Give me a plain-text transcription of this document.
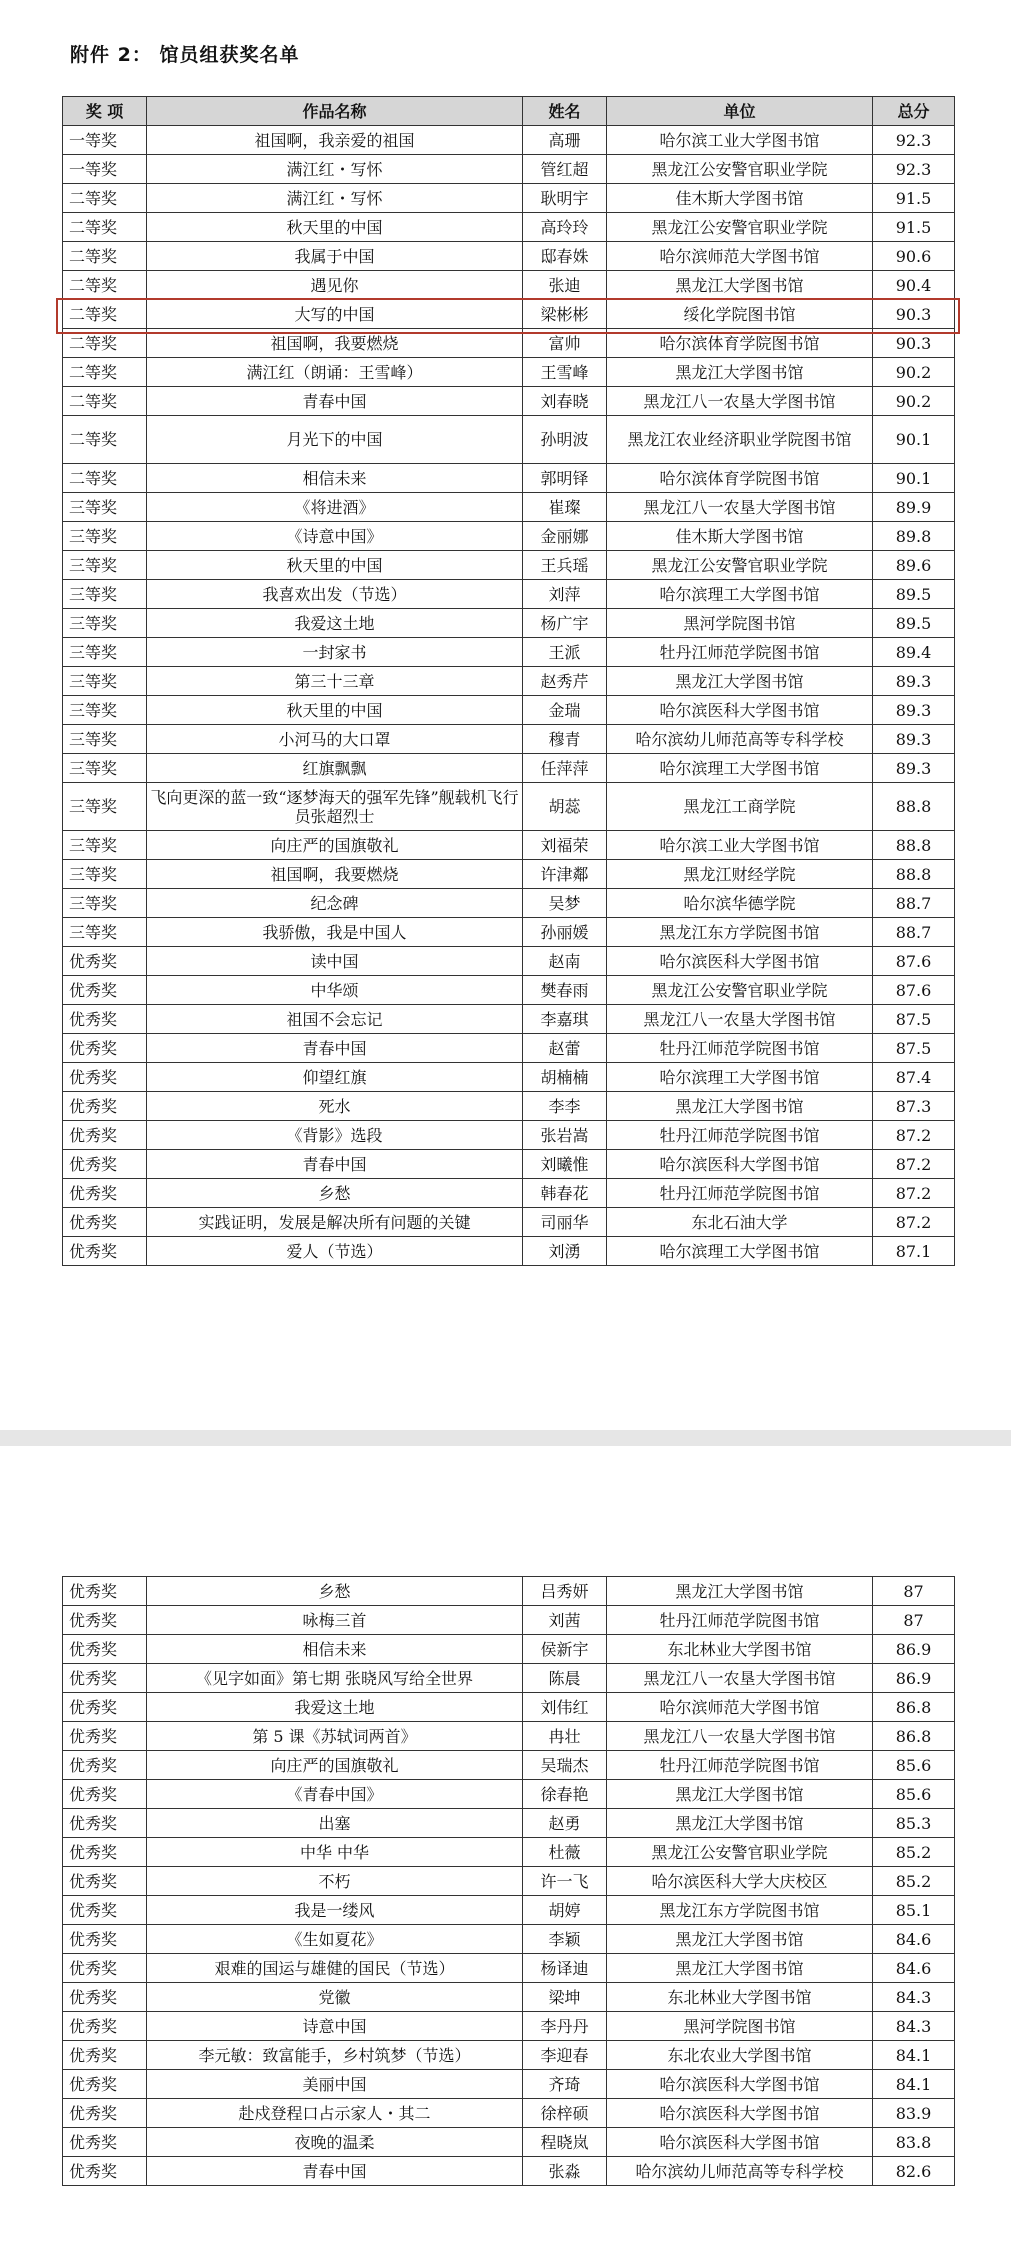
附件 2： 馆员组获奖名单
奖 项	作品名称	姓名	单位	总分
一等奖	祖国啊，我亲爱的祖国	高珊	哈尔滨工业大学图书馆	92.3
一等奖	满江红・写怀	管红超	黑龙江公安警官职业学院	92.3
二等奖	满江红・写怀	耿明宇	佳木斯大学图书馆	91.5
二等奖	秋天里的中国	高玲玲	黑龙江公安警官职业学院	91.5
二等奖	我属于中国	邸春姝	哈尔滨师范大学图书馆	90.6
二等奖	遇见你	张迪	黑龙江大学图书馆	90.4
二等奖	大写的中国	梁彬彬	绥化学院图书馆	90.3
二等奖	祖国啊，我要燃烧	富帅	哈尔滨体育学院图书馆	90.3
二等奖	满江红（朗诵：王雪峰）	王雪峰	黑龙江大学图书馆	90.2
二等奖	青春中国	刘春晓	黑龙江八一农垦大学图书馆	90.2
二等奖	月光下的中国	孙明波	黑龙江农业经济职业学院图书馆	90.1
二等奖	相信未来	郭明铎	哈尔滨体育学院图书馆	90.1
三等奖	《将进酒》	崔璨	黑龙江八一农垦大学图书馆	89.9
三等奖	《诗意中国》	金丽娜	佳木斯大学图书馆	89.8
三等奖	秋天里的中国	王兵瑶	黑龙江公安警官职业学院	89.6
三等奖	我喜欢出发（节选）	刘萍	哈尔滨理工大学图书馆	89.5
三等奖	我爱这土地	杨广宇	黑河学院图书馆	89.5
三等奖	一封家书	王派	牡丹江师范学院图书馆	89.4
三等奖	第三十三章	赵秀芹	黑龙江大学图书馆	89.3
三等奖	秋天里的中国	金瑞	哈尔滨医科大学图书馆	89.3
三等奖	小河马的大口罩	穆青	哈尔滨幼儿师范高等专科学校	89.3
三等奖	红旗飘飘	任萍萍	哈尔滨理工大学图书馆	89.3
三等奖	飞向更深的蓝一致“逐梦海天的强军先锋”舰载机飞行员张超烈士	胡蕊	黑龙江工商学院	88.8
三等奖	向庄严的国旗敬礼	刘福荣	哈尔滨工业大学图书馆	88.8
三等奖	祖国啊，我要燃烧	许津鄰	黑龙江财经学院	88.8
三等奖	纪念碑	吴梦	哈尔滨华德学院	88.7
三等奖	我骄傲，我是中国人	孙丽媛	黑龙江东方学院图书馆	88.7
优秀奖	读中国	赵南	哈尔滨医科大学图书馆	87.6
优秀奖	中华颂	樊春雨	黑龙江公安警官职业学院	87.6
优秀奖	祖国不会忘记	李嘉琪	黑龙江八一农垦大学图书馆	87.5
优秀奖	青春中国	赵蕾	牡丹江师范学院图书馆	87.5
优秀奖	仰望红旗	胡楠楠	哈尔滨理工大学图书馆	87.4
优秀奖	死水	李李	黑龙江大学图书馆	87.3
优秀奖	《背影》选段	张岩嵩	牡丹江师范学院图书馆	87.2
优秀奖	青春中国	刘曦惟	哈尔滨医科大学图书馆	87.2
优秀奖	乡愁	韩春花	牡丹江师范学院图书馆	87.2
优秀奖	实践证明，发展是解决所有问题的关键	司丽华	东北石油大学	87.2
优秀奖	爱人（节选）	刘湧	哈尔滨理工大学图书馆	87.1
优秀奖	乡愁	吕秀妍	黑龙江大学图书馆	87
优秀奖	咏梅三首	刘茜	牡丹江师范学院图书馆	87
优秀奖	相信未来	侯新宇	东北林业大学图书馆	86.9
优秀奖	《见字如面》第七期 张晓风写给全世界	陈晨	黑龙江八一农垦大学图书馆	86.9
优秀奖	我爱这土地	刘伟红	哈尔滨师范大学图书馆	86.8
优秀奖	第 5 课《苏轼词两首》	冉壮	黑龙江八一农垦大学图书馆	86.8
优秀奖	向庄严的国旗敬礼	吴瑞杰	牡丹江师范学院图书馆	85.6
优秀奖	《青春中国》	徐春艳	黑龙江大学图书馆	85.6
优秀奖	出塞	赵勇	黑龙江大学图书馆	85.3
优秀奖	中华 中华	杜薇	黑龙江公安警官职业学院	85.2
优秀奖	不朽	许一飞	哈尔滨医科大学大庆校区	85.2
优秀奖	我是一缕风	胡婷	黑龙江东方学院图书馆	85.1
优秀奖	《生如夏花》	李颖	黑龙江大学图书馆	84.6
优秀奖	艰难的国运与雄健的国民（节选）	杨译迪	黑龙江大学图书馆	84.6
优秀奖	党徽	梁坤	东北林业大学图书馆	84.3
优秀奖	诗意中国	李丹丹	黑河学院图书馆	84.3
优秀奖	李元敏：致富能手，乡村筑梦（节选）	李迎春	东北农业大学图书馆	84.1
优秀奖	美丽中国	齐琦	哈尔滨医科大学图书馆	84.1
优秀奖	赴戍登程口占示家人・其二	徐梓硕	哈尔滨医科大学图书馆	83.9
优秀奖	夜晚的温柔	程晓岚	哈尔滨医科大学图书馆	83.8
优秀奖	青春中国	张淼	哈尔滨幼儿师范高等专科学校	82.6
